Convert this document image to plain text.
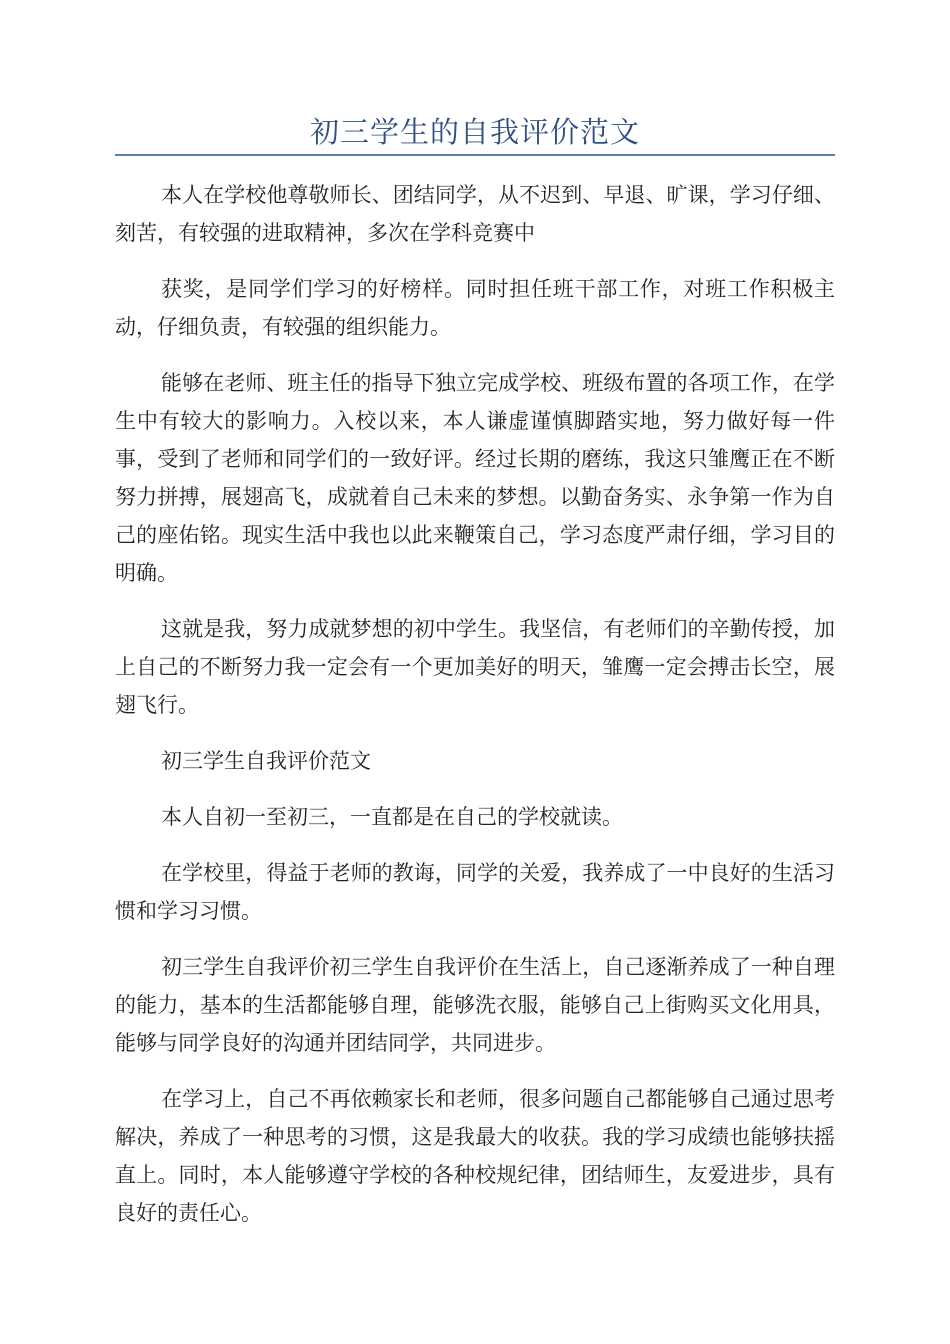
初三学生的自我评价范文

本人在学校他尊敬师长、团结同学，从不迟到、早退、旷课，学习仔细、刻苦，有较强的进取精神，多次在学科竞赛中

获奖，是同学们学习的好榜样。同时担任班干部工作，对班工作积极主动，仔细负责，有较强的组织能力。

能够在老师、班主任的指导下独立完成学校、班级布置的各项工作，在学生中有较大的影响力。入校以来，本人谦虚谨慎脚踏实地，努力做好每一件事，受到了老师和同学们的一致好评。经过长期的磨练，我这只雏鹰正在不断努力拼搏，展翅高飞，成就着自己未来的梦想。以勤奋务实、永争第一作为自己的座佑铭。现实生活中我也以此来鞭策自己，学习态度严肃仔细，学习目的明确。

这就是我，努力成就梦想的初中学生。我坚信，有老师们的辛勤传授，加上自己的不断努力我一定会有一个更加美好的明天，雏鹰一定会搏击长空，展翅飞行。

初三学生自我评价范文

本人自初一至初三，一直都是在自己的学校就读。

在学校里，得益于老师的教诲，同学的关爱，我养成了一中良好的生活习惯和学习习惯。

初三学生自我评价初三学生自我评价在生活上，自己逐渐养成了一种自理的能力，基本的生活都能够自理，能够洗衣服，能够自己上街购买文化用具，能够与同学良好的沟通并团结同学，共同进步。

在学习上，自己不再依赖家长和老师，很多问题自己都能够自己通过思考解决，养成了一种思考的习惯，这是我最大的收获。我的学习成绩也能够扶摇直上。同时，本人能够遵守学校的各种校规纪律，团结师生，友爱进步，具有良好的责任心。
